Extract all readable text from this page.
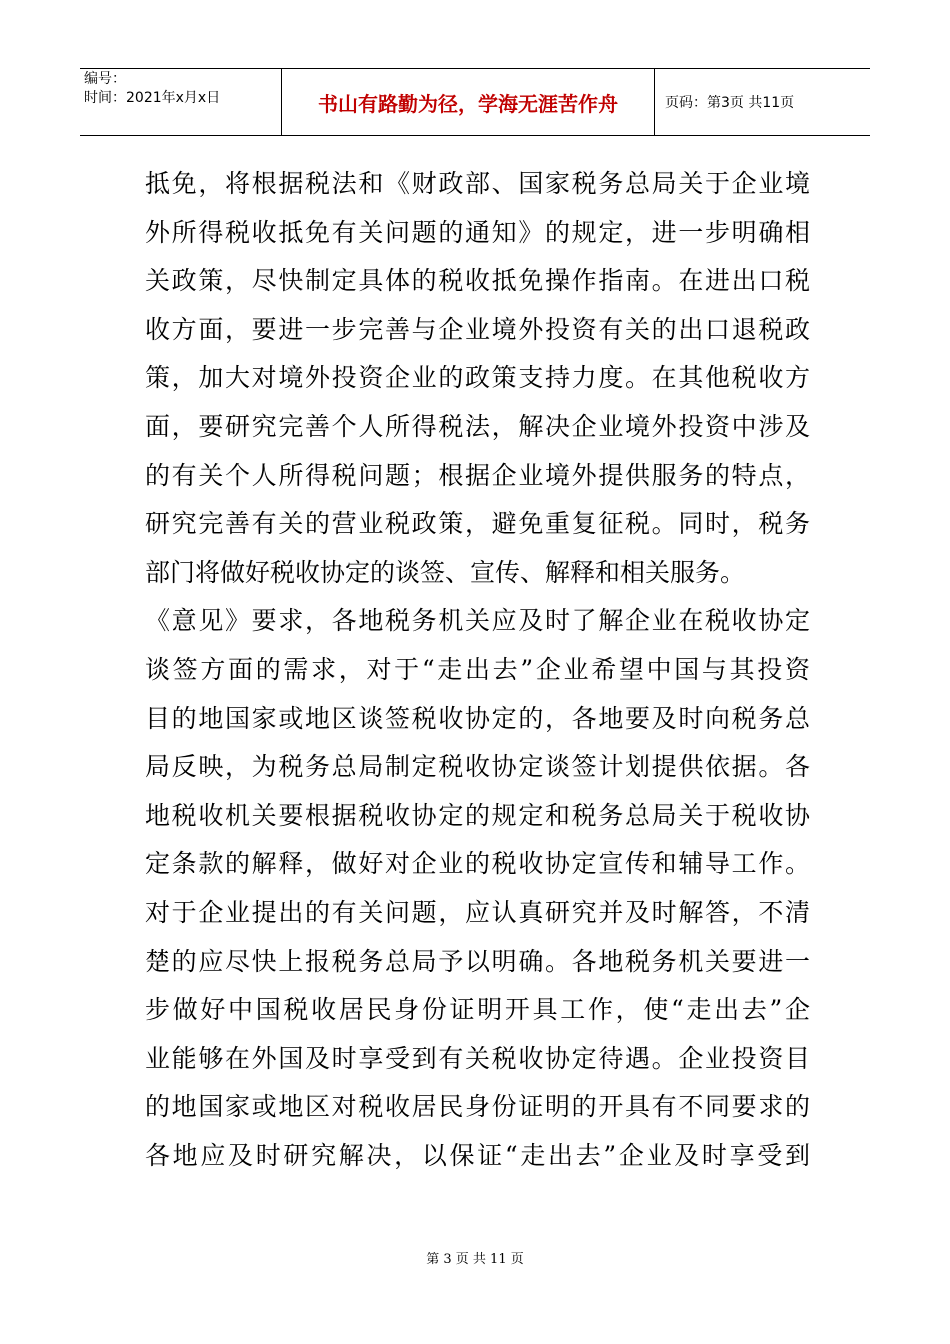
编号：
时间：2021年x月x日	书山有路勤为径，学海无涯苦作舟	页码：第3页 共11页
抵免，将根据税法和《财政部、国家税务总局关于企业境
外所得税收抵免有关问题的通知》的规定，进一步明确相
关政策，尽快制定具体的税收抵免操作指南。在进出口税
收方面，要进一步完善与企业境外投资有关的出口退税政
策，加大对境外投资企业的政策支持力度。在其他税收方
面，要研究完善个人所得税法，解决企业境外投资中涉及
的有关个人所得税问题；根据企业境外提供服务的特点，
研究完善有关的营业税政策，避免重复征税。同时，税务
部门将做好税收协定的谈签、宣传、解释和相关服务。
《意见》要求，各地税务机关应及时了解企业在税收协定
谈签方面的需求，对于“走出去”企业希望中国与其投资
目的地国家或地区谈签税收协定的，各地要及时向税务总
局反映，为税务总局制定税收协定谈签计划提供依据。各
地税收机关要根据税收协定的规定和税务总局关于税收协
定条款的解释，做好对企业的税收协定宣传和辅导工作。
对于企业提出的有关问题，应认真研究并及时解答，不清
楚的应尽快上报税务总局予以明确。各地税务机关要进一
步做好中国税收居民身份证明开具工作，使“走出去”企
业能够在外国及时享受到有关税收协定待遇。企业投资目
的地国家或地区对税收居民身份证明的开具有不同要求的
各地应及时研究解决，以保证“走出去”企业及时享受到
第 3 页 共 11 页
